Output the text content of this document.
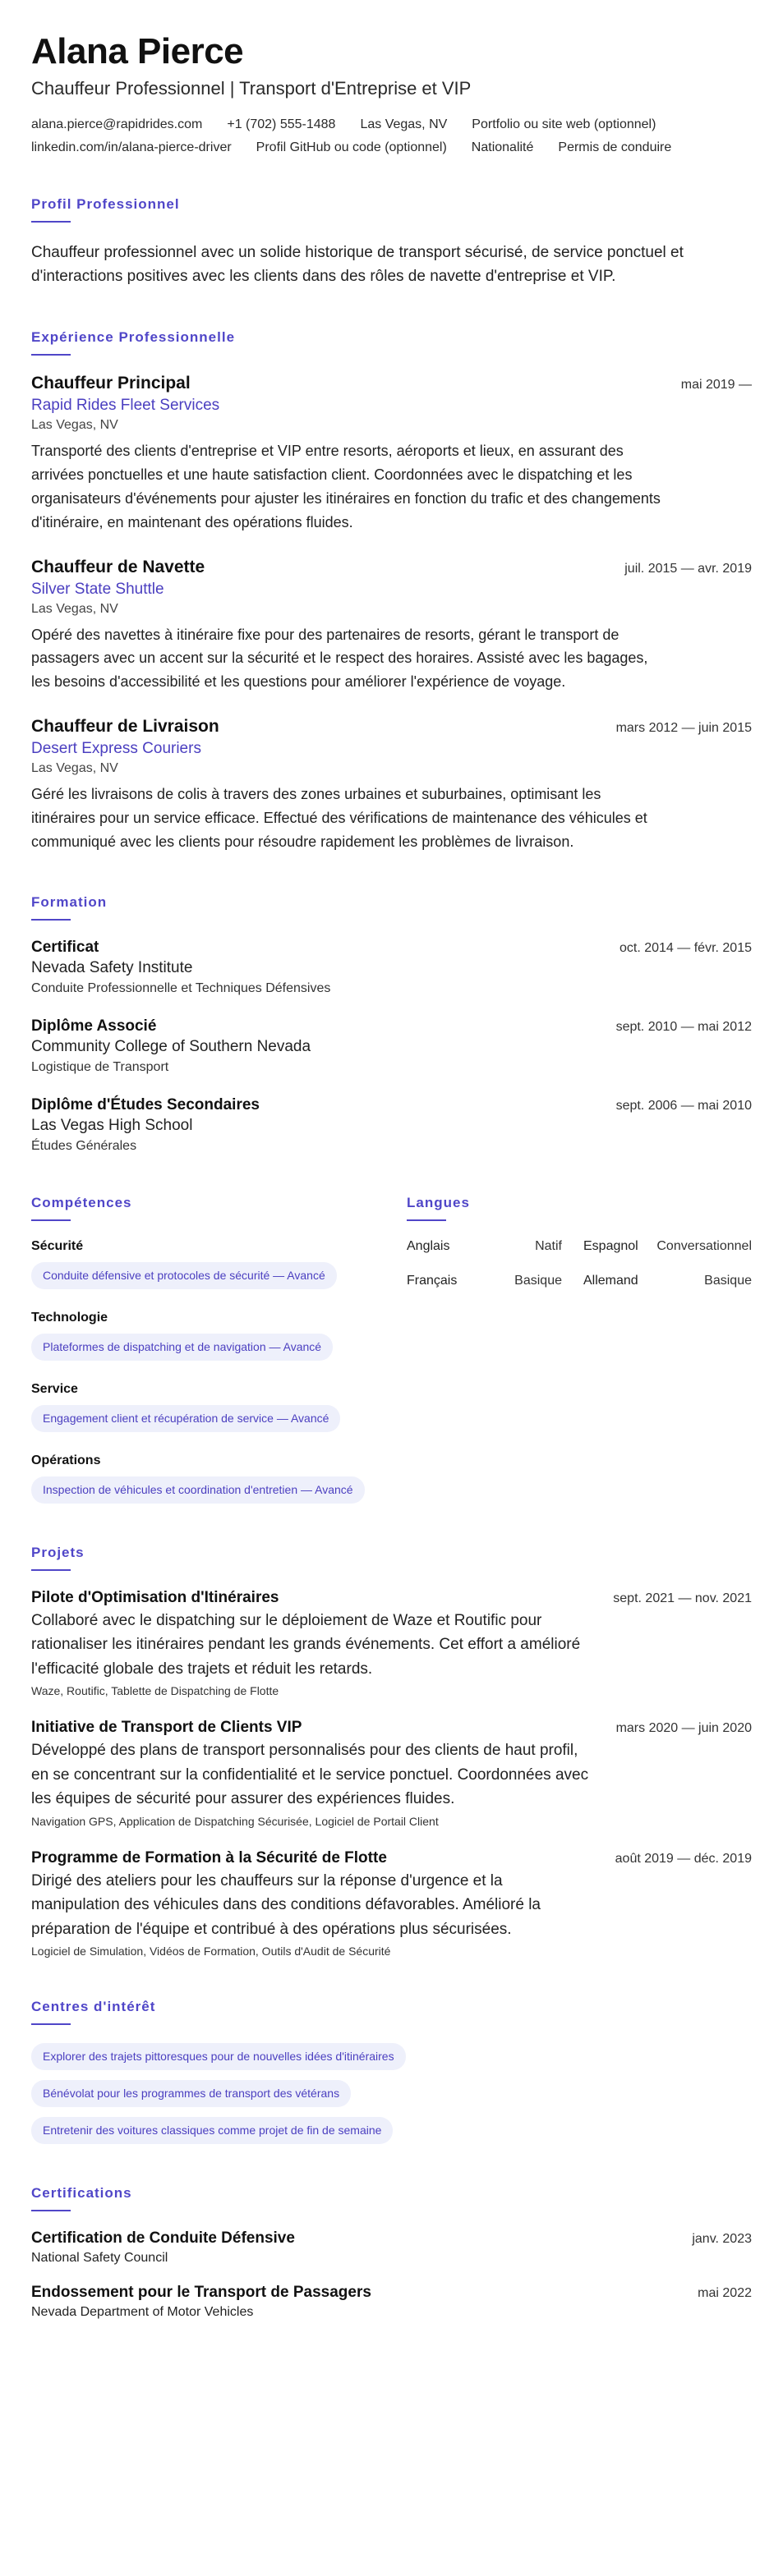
Alana Pierce
Chauffeur Professionnel | Transport d'Entreprise et VIP
alana.pierce@rapidrides.com +1 (702) 555-1488 Las Vegas, NV Portfolio ou site web (optionnel)
linkedin.com/in/alana-pierce-driver Profil GitHub ou code (optionnel) Nationalité Permis de conduire
Profil Professionnel

Chauffeur professionnel avec un solide historique de transport sécurisé, de service ponctuel et d'interactions positives avec les clients dans des rôles de navette d'entreprise et VIP.

Expérience Professionnelle
Chauffeur Principal	mai 2019 —
Rapid Rides Fleet Services
Las Vegas, NV

Transporté des clients d'entreprise et VIP entre resorts, aéroports et lieux, en assurant des arrivées ponctuelles et une haute satisfaction client. Coordonnées avec le dispatching et les organisateurs d'événements pour ajuster les itinéraires en fonction du trafic et des changements d'itinéraire, en maintenant des opérations fluides.

Chauffeur de Navette	juil. 2015 — avr. 2019
Silver State Shuttle
Las Vegas, NV

Opéré des navettes à itinéraire fixe pour des partenaires de resorts, gérant le transport de passagers avec un accent sur la sécurité et le respect des horaires. Assisté avec les bagages, les besoins d'accessibilité et les questions pour améliorer l'expérience de voyage.

Chauffeur de Livraison	mars 2012 — juin 2015
Desert Express Couriers
Las Vegas, NV

Géré les livraisons de colis à travers des zones urbaines et suburbaines, optimisant les itinéraires pour un service efficace. Effectué des vérifications de maintenance des véhicules et communiqué avec les clients pour résoudre rapidement les problèmes de livraison.

Formation
Certificat	oct. 2014 — févr. 2015
Nevada Safety Institute
Conduite Professionnelle et Techniques Défensives
Diplôme Associé	sept. 2010 — mai 2012
Community College of Southern Nevada
Logistique de Transport
Diplôme d'Études Secondaires	sept. 2006 — mai 2010
Las Vegas High School
Études Générales
Compétences
Sécurité
Conduite défensive et protocoles de sécurité — Avancé
Technologie
Plateformes de dispatching et de navigation — Avancé
Service
Engagement client et récupération de service — Avancé
Opérations
Inspection de véhicules et coordination d'entretien — Avancé
Langues
Anglais	Natif Espagnol Conversationnel
Français	Basique Allemand	Basique
Projets
Pilote d'Optimisation d'Itinéraires	sept. 2021 — nov. 2021

Collaboré avec le dispatching sur le déploiement de Waze et Routific pour rationaliser les itinéraires pendant les grands événements. Cet effort a amélioré l'efficacité globale des trajets et réduit les retards.

Waze, Routific, Tablette de Dispatching de Flotte
Initiative de Transport de Clients VIP	mars 2020 — juin 2020

Développé des plans de transport personnalisés pour des clients de haut profil, en se concentrant sur la confidentialité et le service ponctuel. Coordonnées avec les équipes de sécurité pour assurer des expériences fluides.

Navigation GPS, Application de Dispatching Sécurisée, Logiciel de Portail Client
Programme de Formation à la Sécurité de Flotte	août 2019 — déc. 2019

Dirigé des ateliers pour les chauffeurs sur la réponse d'urgence et la manipulation des véhicules dans des conditions défavorables. Amélioré la préparation de l'équipe et contribué à des opérations plus sécurisées.

Logiciel de Simulation, Vidéos de Formation, Outils d'Audit de Sécurité
Centres d'intérêt
Explorer des trajets pittoresques pour de nouvelles idées d'itinéraires
Bénévolat pour les programmes de transport des vétérans
Entretenir des voitures classiques comme projet de fin de semaine
Certifications
Certification de Conduite Défensive	janv. 2023
National Safety Council
Endossement pour le Transport de Passagers	mai 2022
Nevada Department of Motor Vehicles
